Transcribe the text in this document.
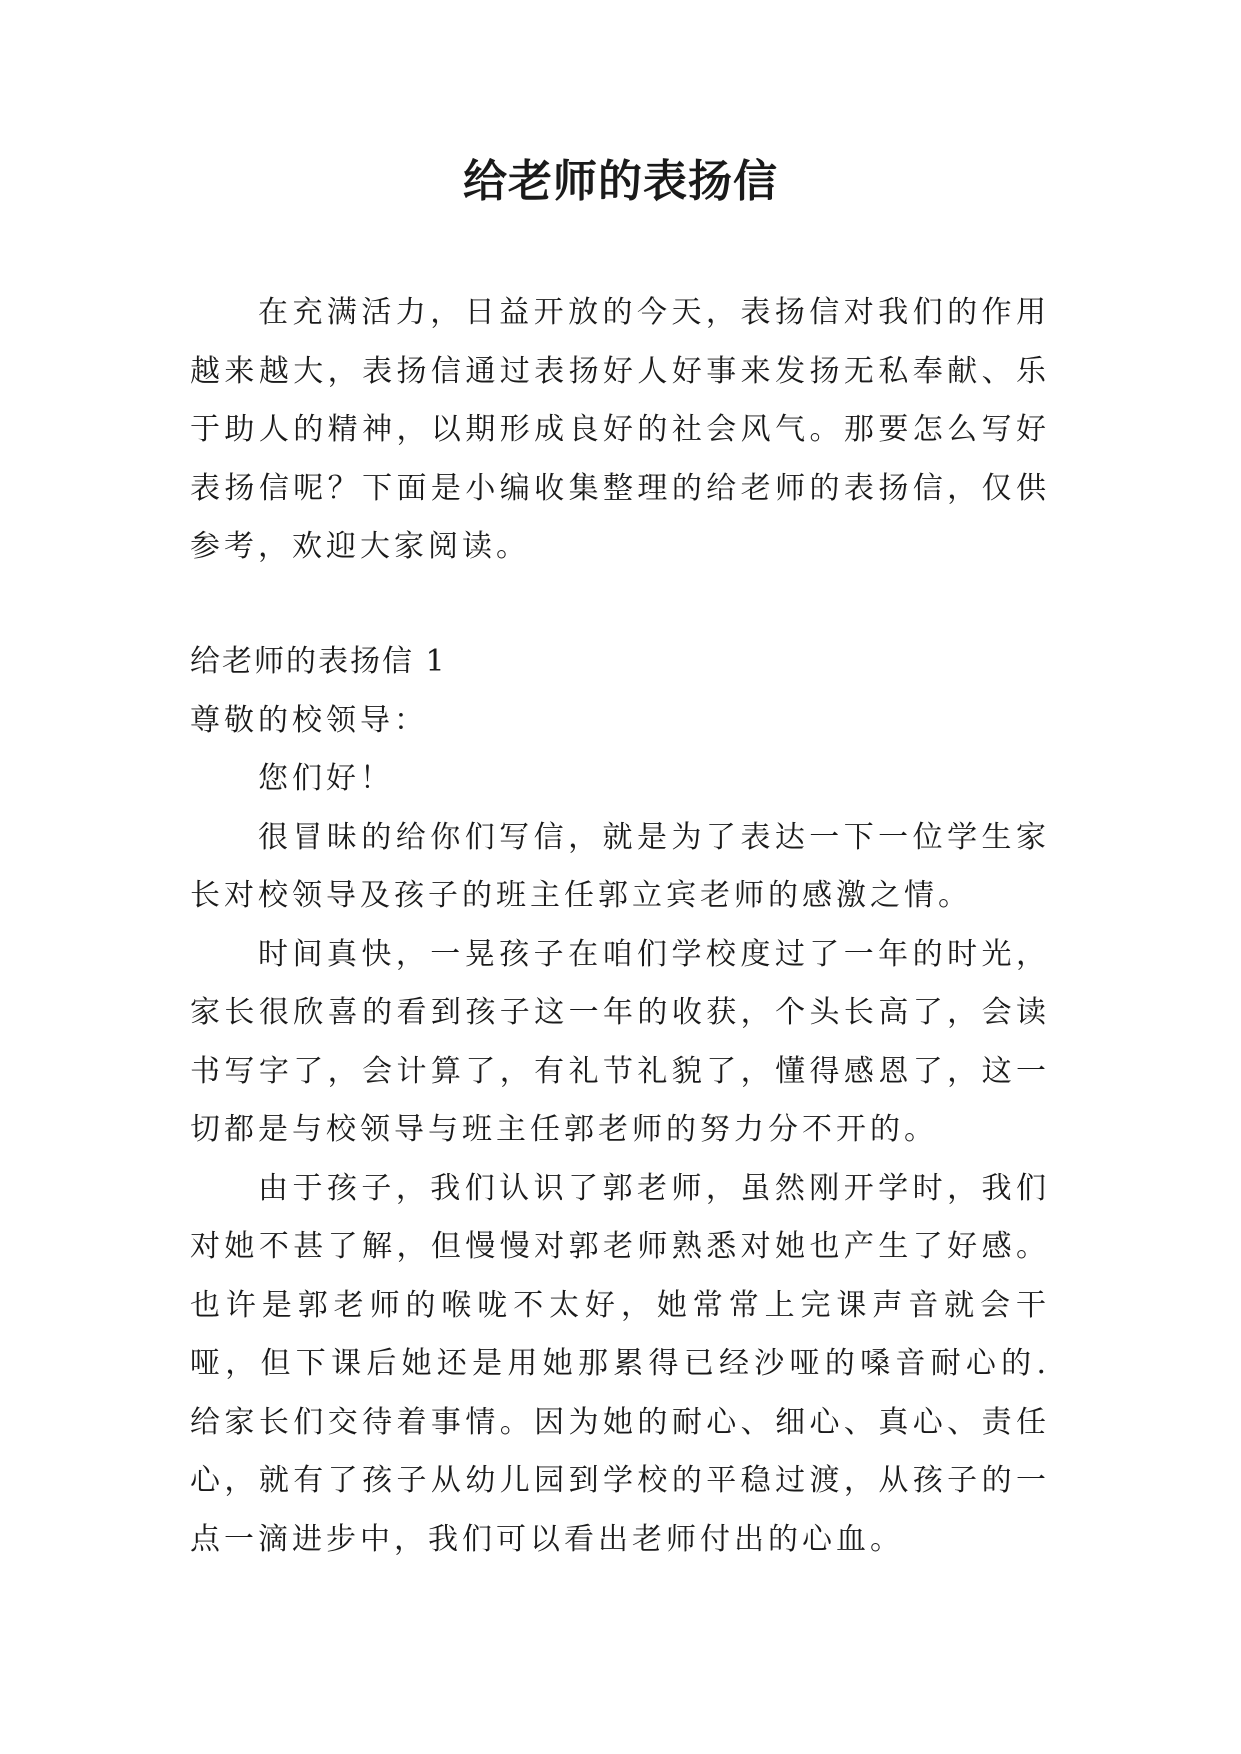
给老师的表扬信

在充满活力，日益开放的今天，表扬信对我们的作用越来越大，表扬信通过表扬好人好事来发扬无私奉献、乐于助人的精神，以期形成良好的社会风气。那要怎么写好表扬信呢？下面是小编收集整理的给老师的表扬信，仅供参考，欢迎大家阅读。

给老师的表扬信 1

尊敬的校领导：

您们好！

很冒昧的给你们写信，就是为了表达一下一位学生家长对校领导及孩子的班主任郭立宾老师的感激之情。

时间真快，一晃孩子在咱们学校度过了一年的时光，家长很欣喜的看到孩子这一年的收获，个头长高了，会读书写字了，会计算了，有礼节礼貌了，懂得感恩了，这一切都是与校领导与班主任郭老师的努力分不开的。

由于孩子，我们认识了郭老师，虽然刚开学时，我们对她不甚了解，但慢慢对郭老师熟悉对她也产生了好感。也许是郭老师的喉咙不太好，她常常上完课声音就会干哑，但下课后她还是用她那累得已经沙哑的嗓音耐心的.给家长们交待着事情。因为她的耐心、细心、真心、责任心，就有了孩子从幼儿园到学校的平稳过渡，从孩子的一点一滴进步中，我们可以看出老师付出的心血。
